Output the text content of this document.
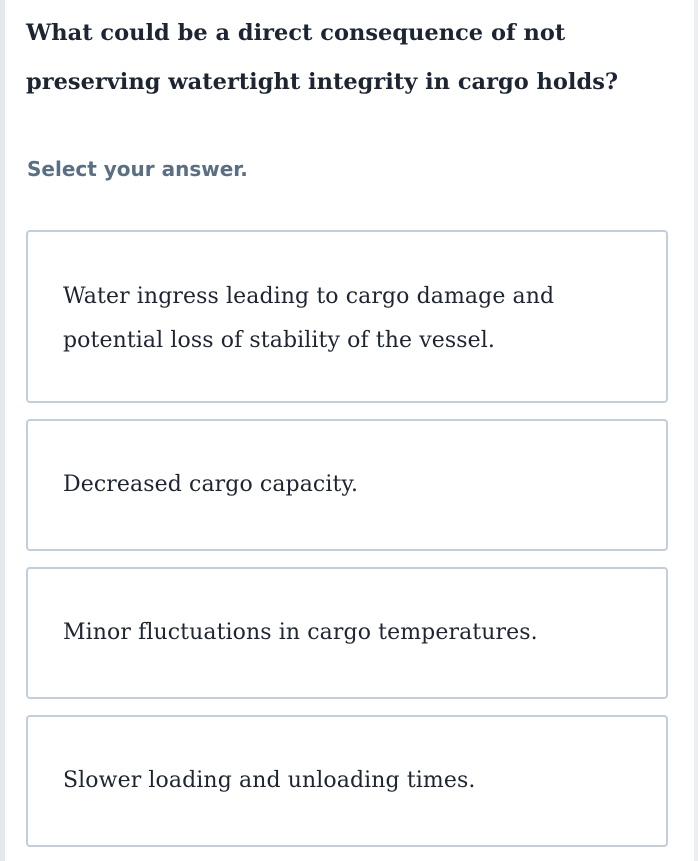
What could be a direct consequence of not preserving watertight integrity in cargo holds?

Select your answer.

Water ingress leading to cargo damage and potential loss of stability of the vessel.
Decreased cargo capacity.
Minor fluctuations in cargo temperatures.
Slower loading and unloading times.
